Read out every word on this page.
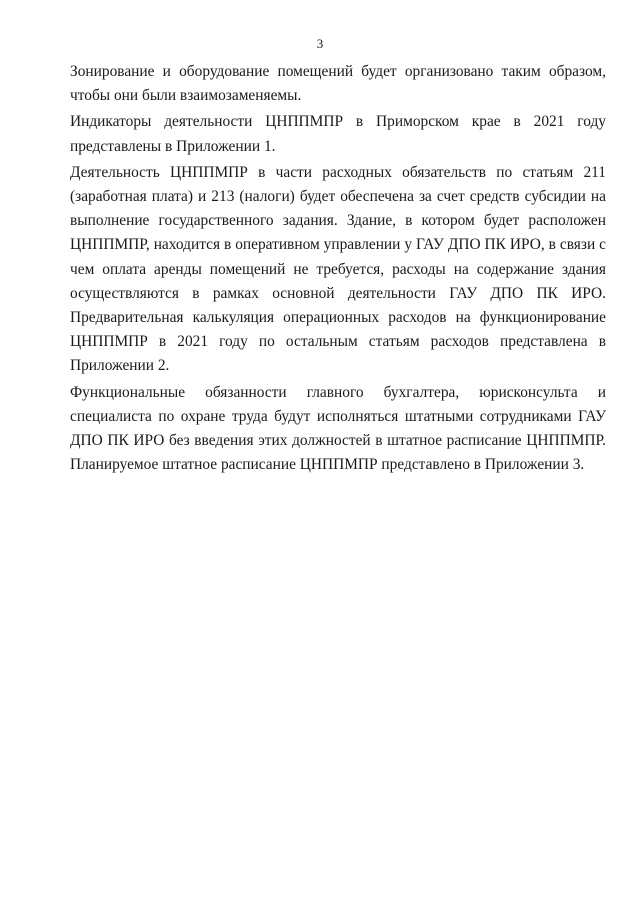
3

Зонирование и оборудование помещений будет организовано таким образом, чтобы они были взаимозаменяемы.

Индикаторы деятельности ЦНППМПР в Приморском крае в 2021 году представлены в Приложении 1.

Деятельность ЦНППМПР в части расходных обязательств по статьям 211 (заработная плата) и 213 (налоги) будет обеспечена за счет средств субсидии на выполнение государственного задания. Здание, в котором будет расположен ЦНППМПР, находится в оперативном управлении у ГАУ ДПО ПК ИРО, в связи с чем оплата аренды помещений не требуется, расходы на содержание здания осуществляются в рамках основной деятельности ГАУ ДПО ПК ИРО. Предварительная калькуляция операционных расходов на функционирование ЦНППМПР в 2021 году по остальным статьям расходов представлена в Приложении 2.

Функциональные обязанности главного бухгалтера, юрисконсульта и специалиста по охране труда будут исполняться штатными сотрудниками ГАУ ДПО ПК ИРО без введения этих должностей в штатное расписание ЦНППМПР. Планируемое штатное расписание ЦНППМПР представлено в Приложении 3.
